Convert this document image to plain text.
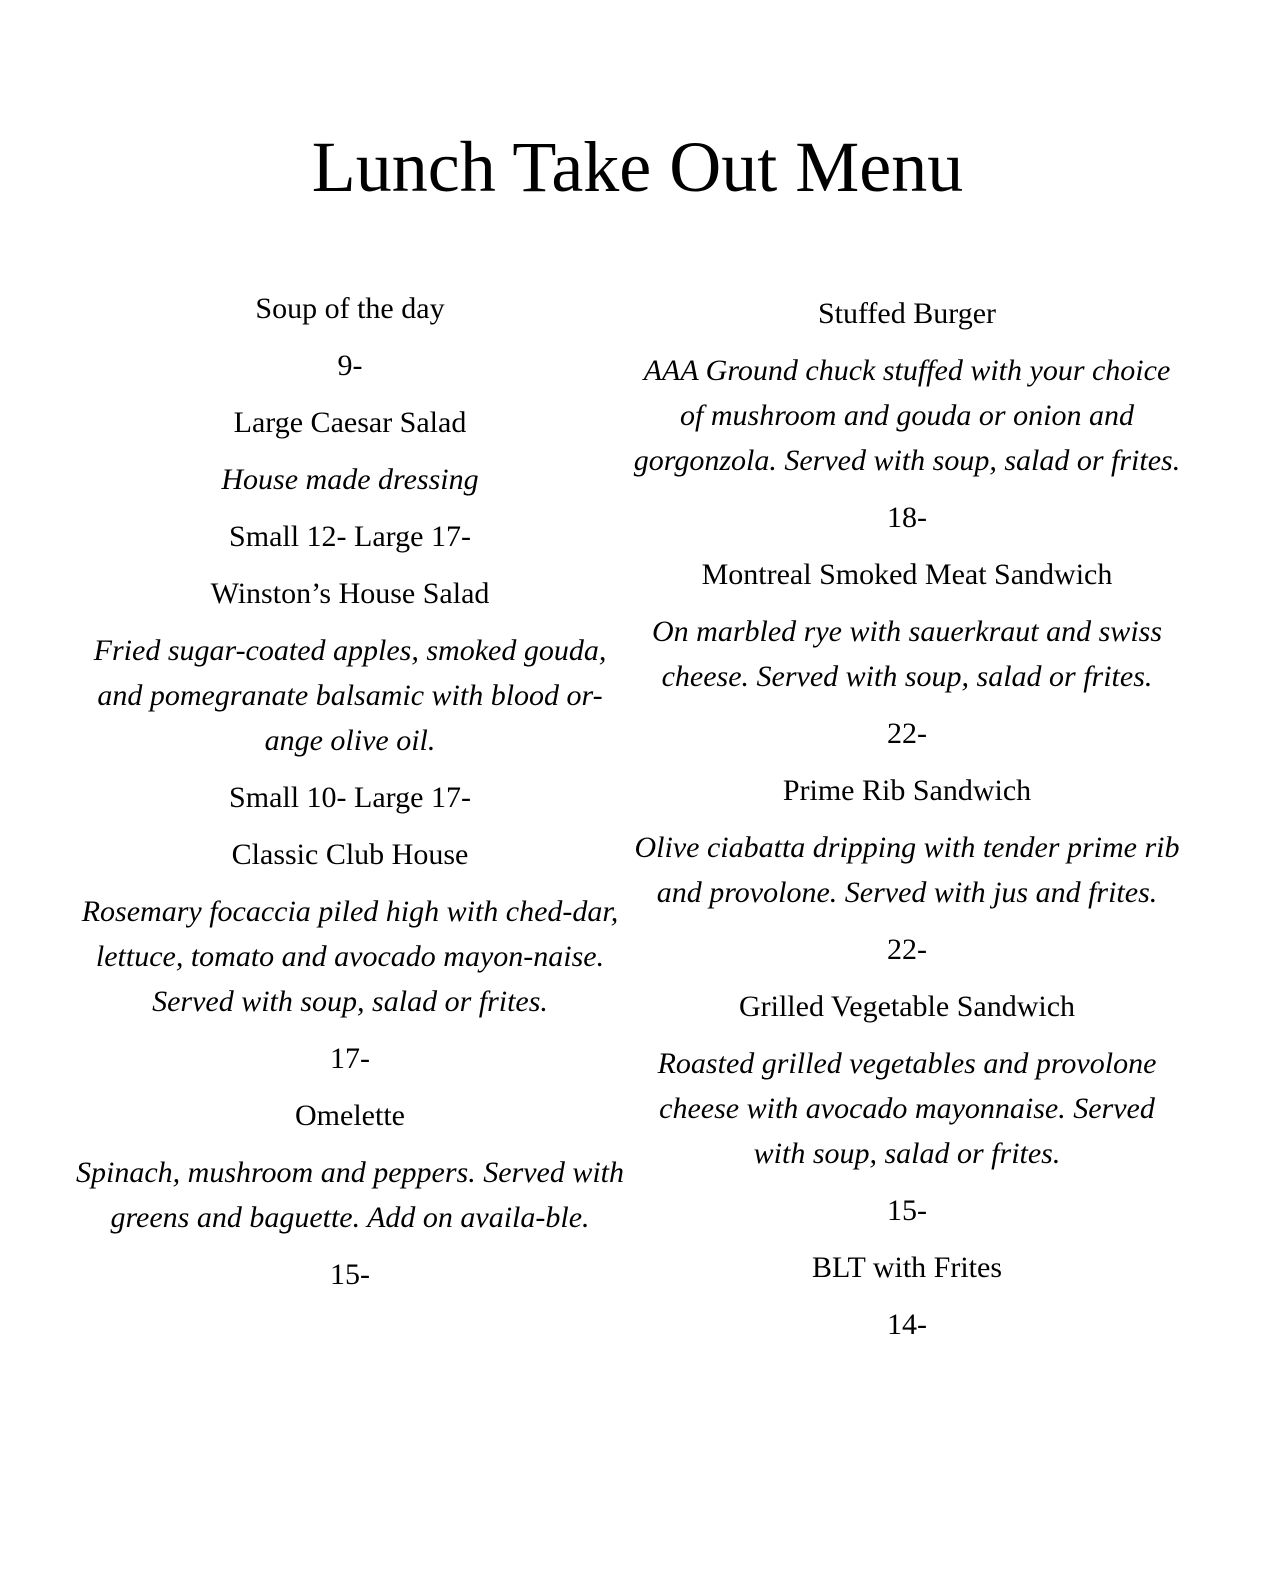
Lunch Take Out Menu

Soup of the day

9-

Large Caesar Salad

House made dressing

Small 12- Large 17-

Winston’s House Salad

Fried sugar-coated apples, smoked gouda, and pomegranate balsamic with blood or-ange olive oil.

Small 10- Large 17-

Classic Club House

Rosemary focaccia piled high with ched-dar, lettuce, tomato and avocado mayon-naise. Served with soup, salad or frites.

17-

Omelette

Spinach, mushroom and peppers. Served with greens and baguette. Add on availa-ble.

15-

Stuffed Burger

AAA Ground chuck stuffed with your choice of mushroom and gouda or onion and gorgonzola. Served with soup, salad or frites.

18-

Montreal Smoked Meat Sandwich

On marbled rye with sauerkraut and swiss cheese. Served with soup, salad or frites.

22-

Prime Rib Sandwich

Olive ciabatta dripping with tender prime rib and provolone. Served with jus and frites.

22-

Grilled Vegetable Sandwich

Roasted grilled vegetables and provolone cheese with avocado mayonnaise. Served with soup, salad or frites.

15-

BLT with Frites

14-
